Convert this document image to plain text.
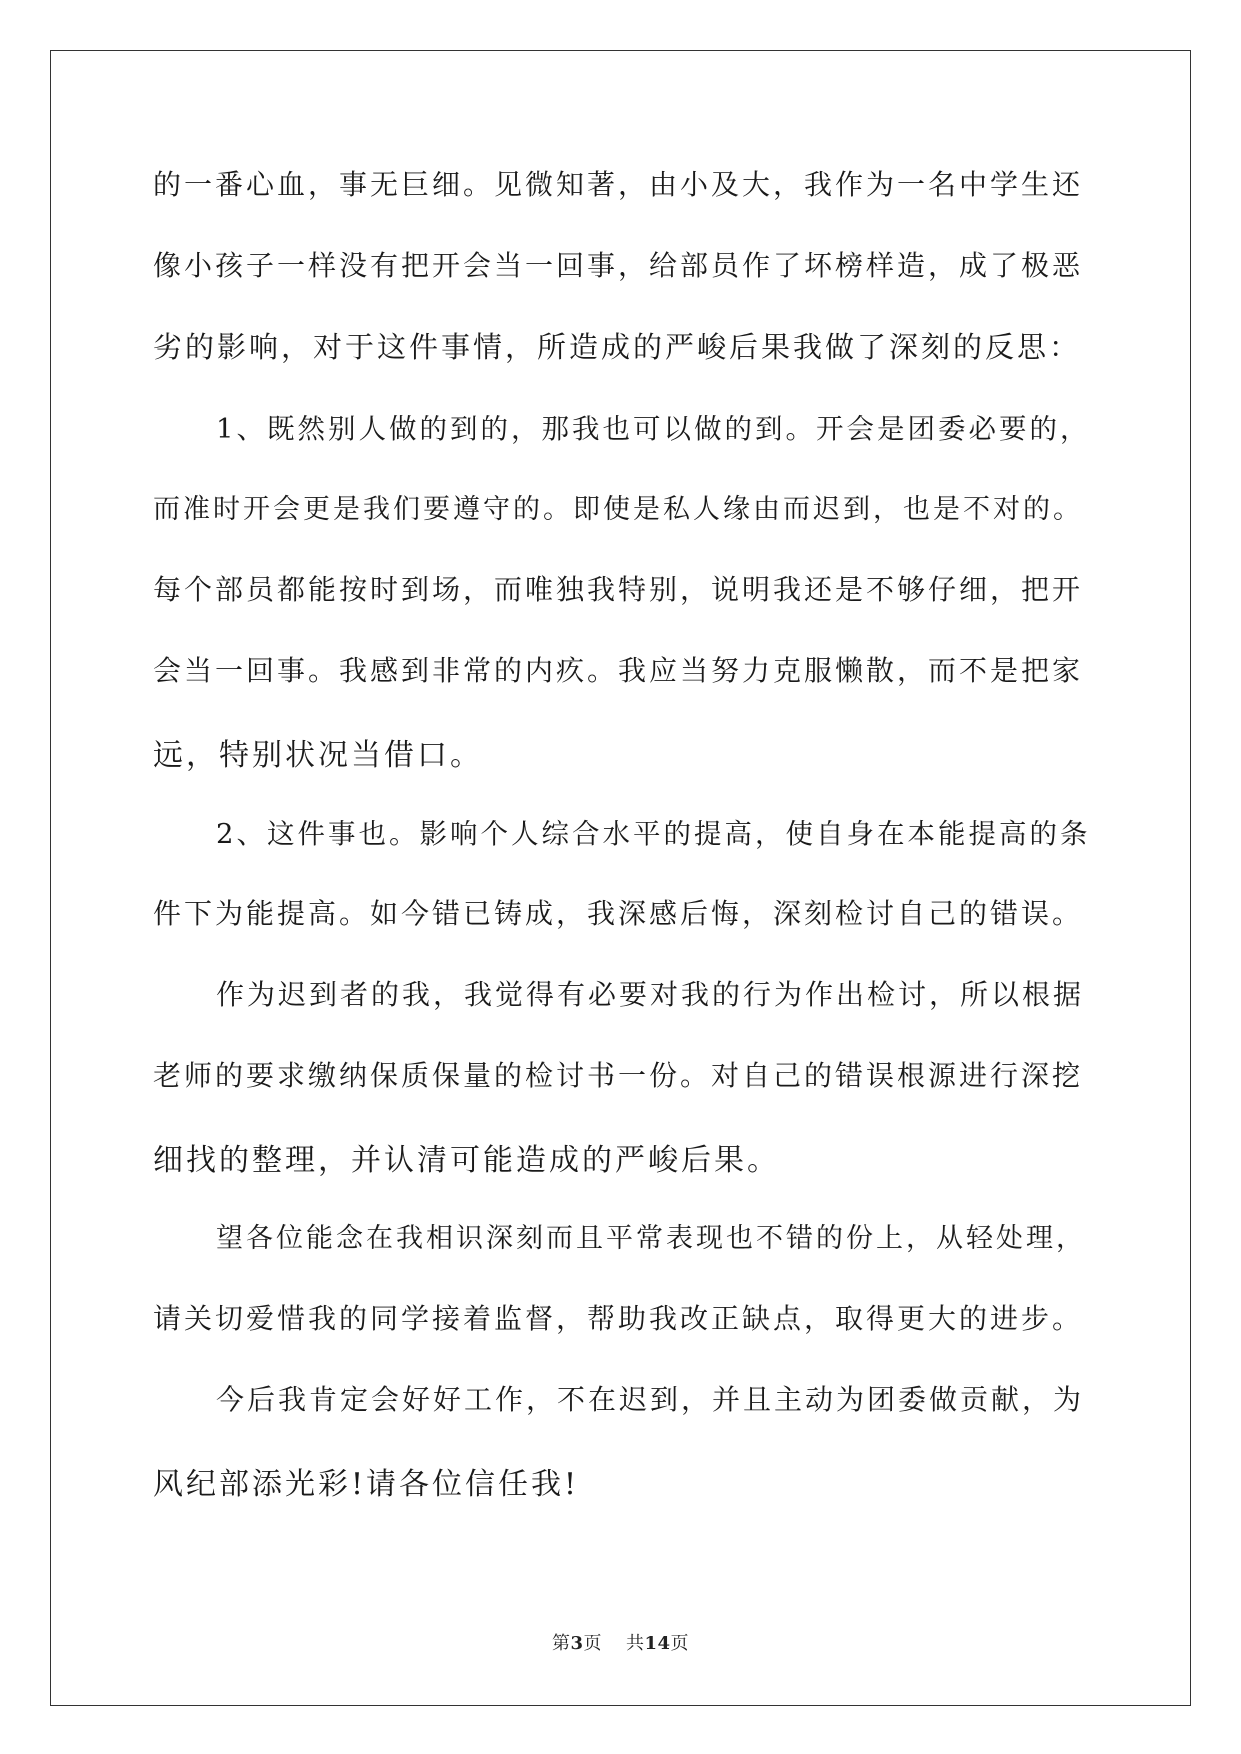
的一番心血，事无巨细。见微知著，由小及大，我作为一名中学生还
像小孩子一样没有把开会当一回事，给部员作了坏榜样造，成了极恶
劣的影响，对于这件事情，所造成的严峻后果我做了深刻的反思：
1、既然别人做的到的，那我也可以做的到。开会是团委必要的，
而准时开会更是我们要遵守的。即使是私人缘由而迟到，也是不对的。
每个部员都能按时到场，而唯独我特别，说明我还是不够仔细，把开
会当一回事。我感到非常的内疚。我应当努力克服懒散，而不是把家
远，特别状况当借口。
2、这件事也。影响个人综合水平的提高，使自身在本能提高的条
件下为能提高。如今错已铸成，我深感后悔，深刻检讨自己的错误。
作为迟到者的我，我觉得有必要对我的行为作出检讨，所以根据
老师的要求缴纳保质保量的检讨书一份。对自己的错误根源进行深挖
细找的整理，并认清可能造成的严峻后果。
望各位能念在我相识深刻而且平常表现也不错的份上，从轻处理，
请关切爱惜我的同学接着监督，帮助我改正缺点，取得更大的进步。
今后我肯定会好好工作，不在迟到，并且主动为团委做贡献，为
风纪部添光彩!请各位信任我!
第3页 共14页
